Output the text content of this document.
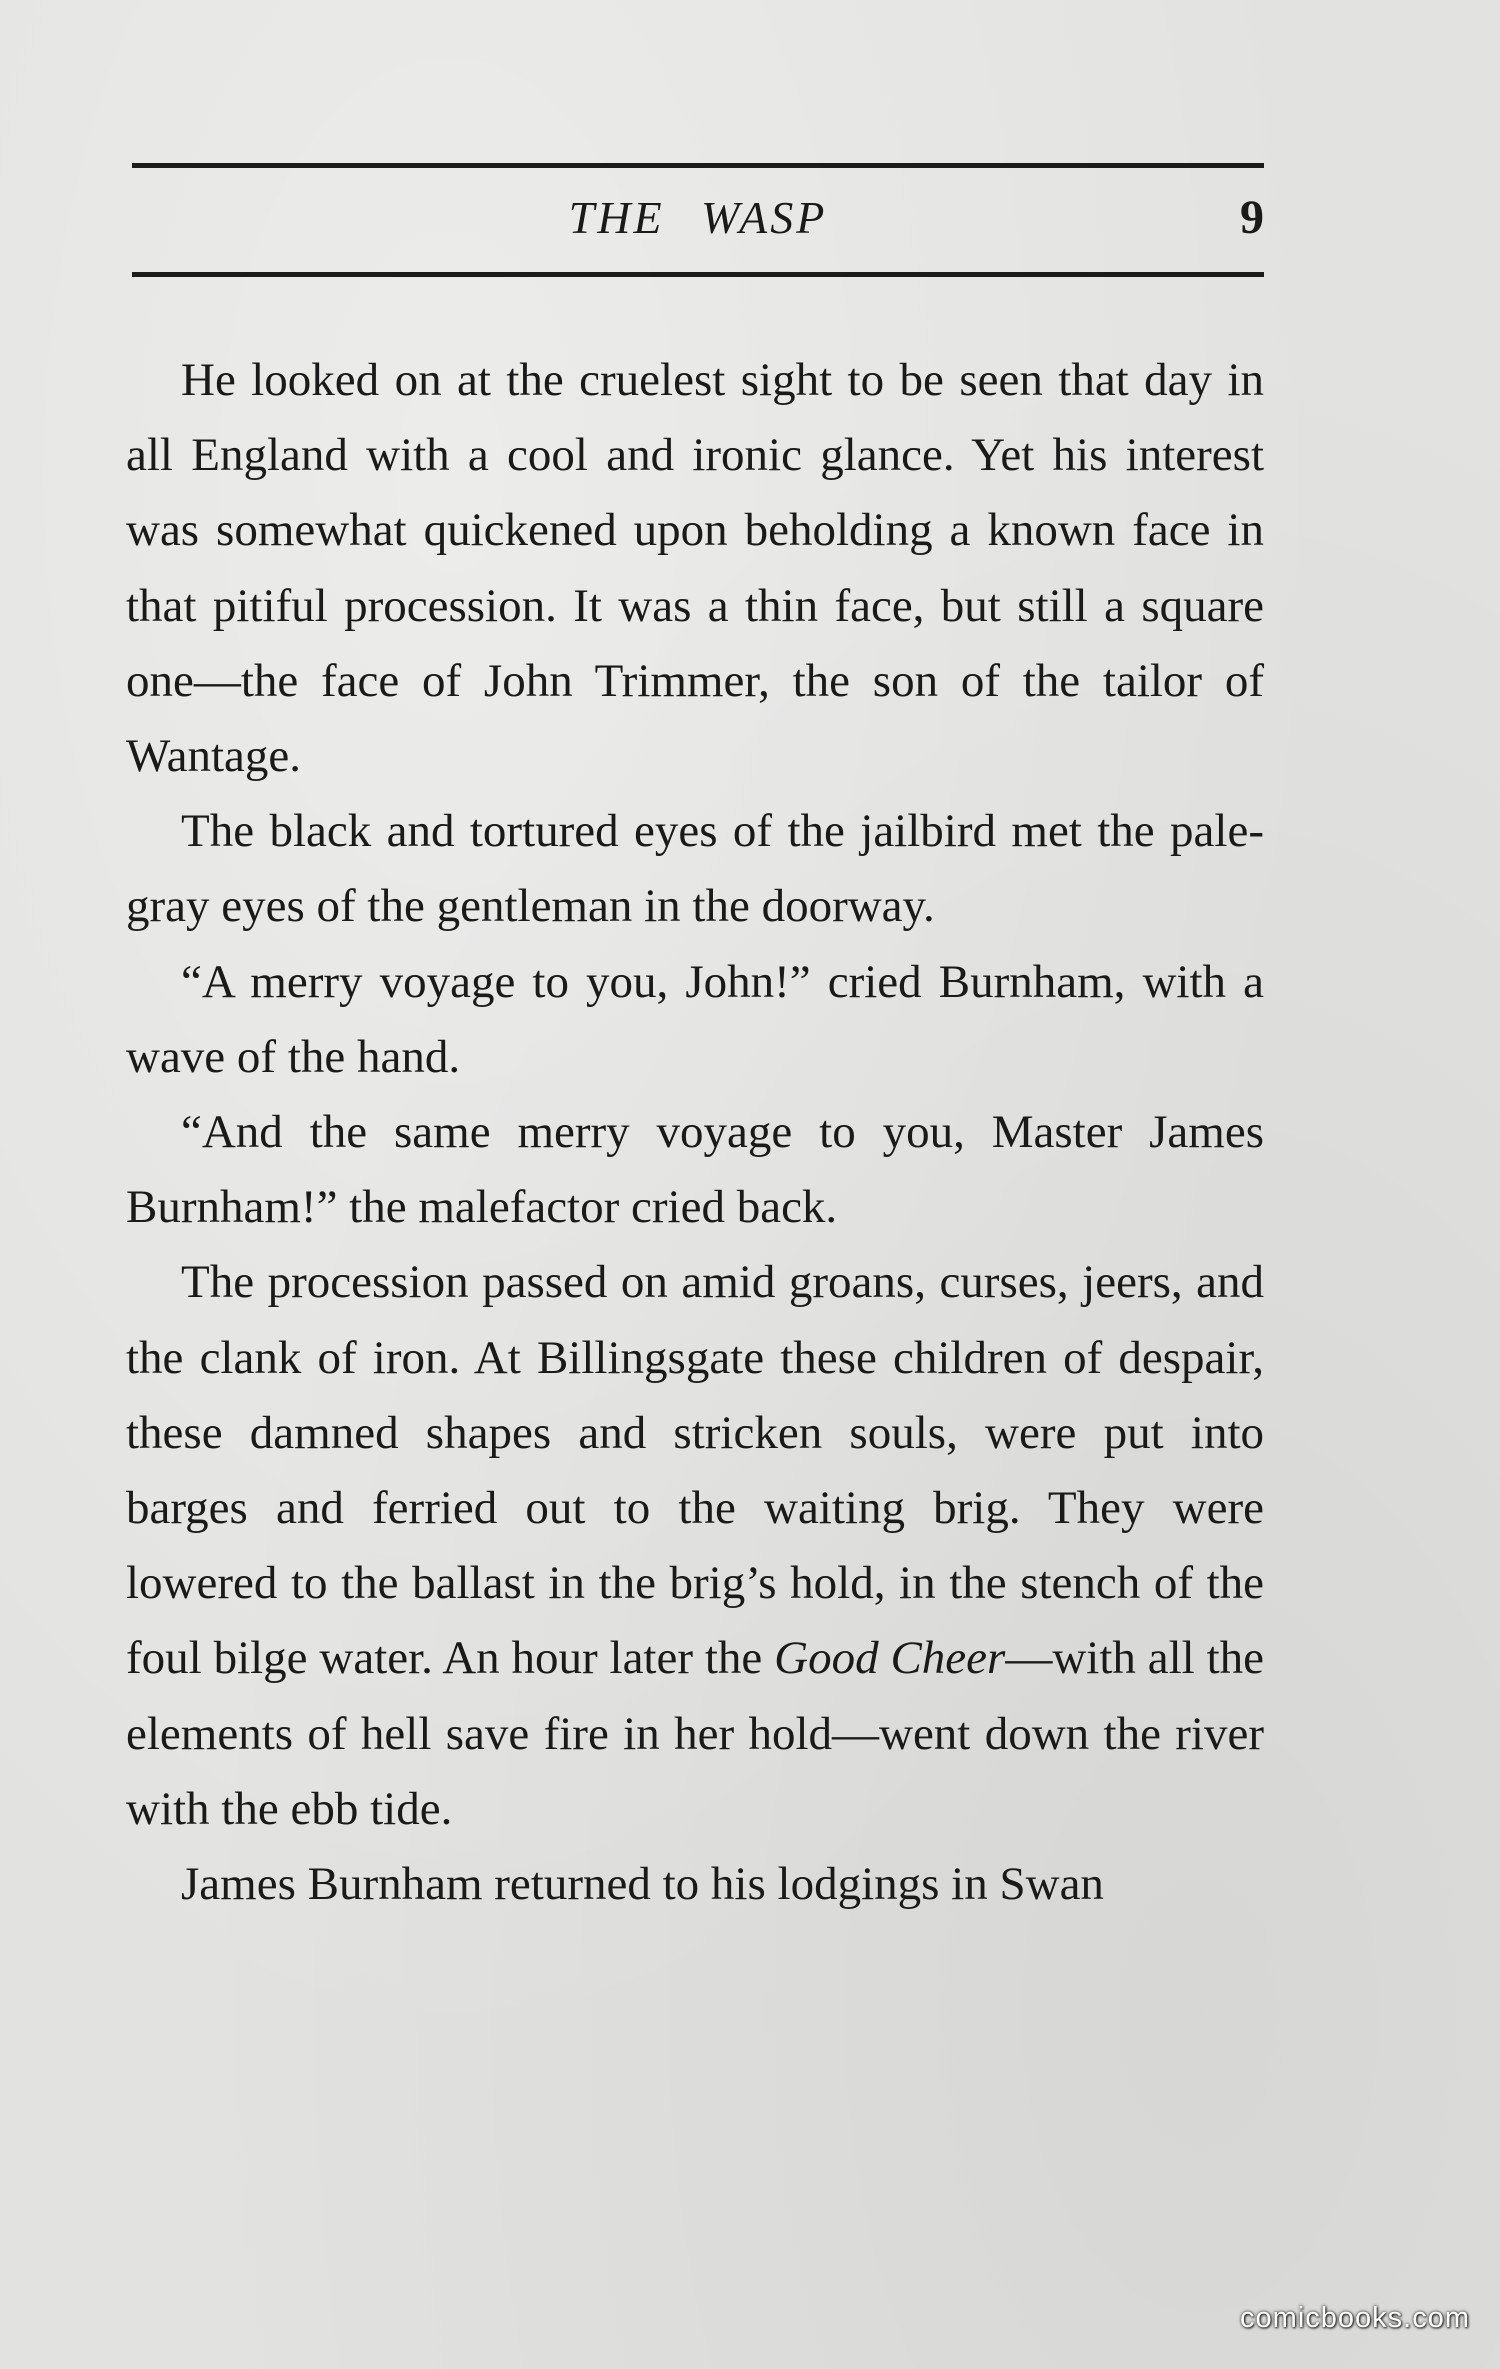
THE WASP	9

He looked on at the cruelest sight to be seen that day in all England with a cool and ironic glance. Yet his interest was somewhat quickened upon beholding a known face in that pitiful procession. It was a thin face, but still a square one—the face of John Trimmer, the son of the tailor of Wantage.

The black and tortured eyes of the jailbird met the pale-gray eyes of the gentleman in the doorway.

“A merry voyage to you, John!” cried Burnham, with a wave of the hand.

“And the same merry voyage to you, Master James Burnham!” the malefactor cried back.

The procession passed on amid groans, curses, jeers, and the clank of iron. At Billingsgate these children of despair, these damned shapes and stricken souls, were put into barges and ferried out to the waiting brig. They were lowered to the ballast in the brig’s hold, in the stench of the foul bilge water. An hour later the Good Cheer—with all the elements of hell save fire in her hold—went down the river with the ebb tide.

James Burnham returned to his lodgings in Swan

comicbooks.com
